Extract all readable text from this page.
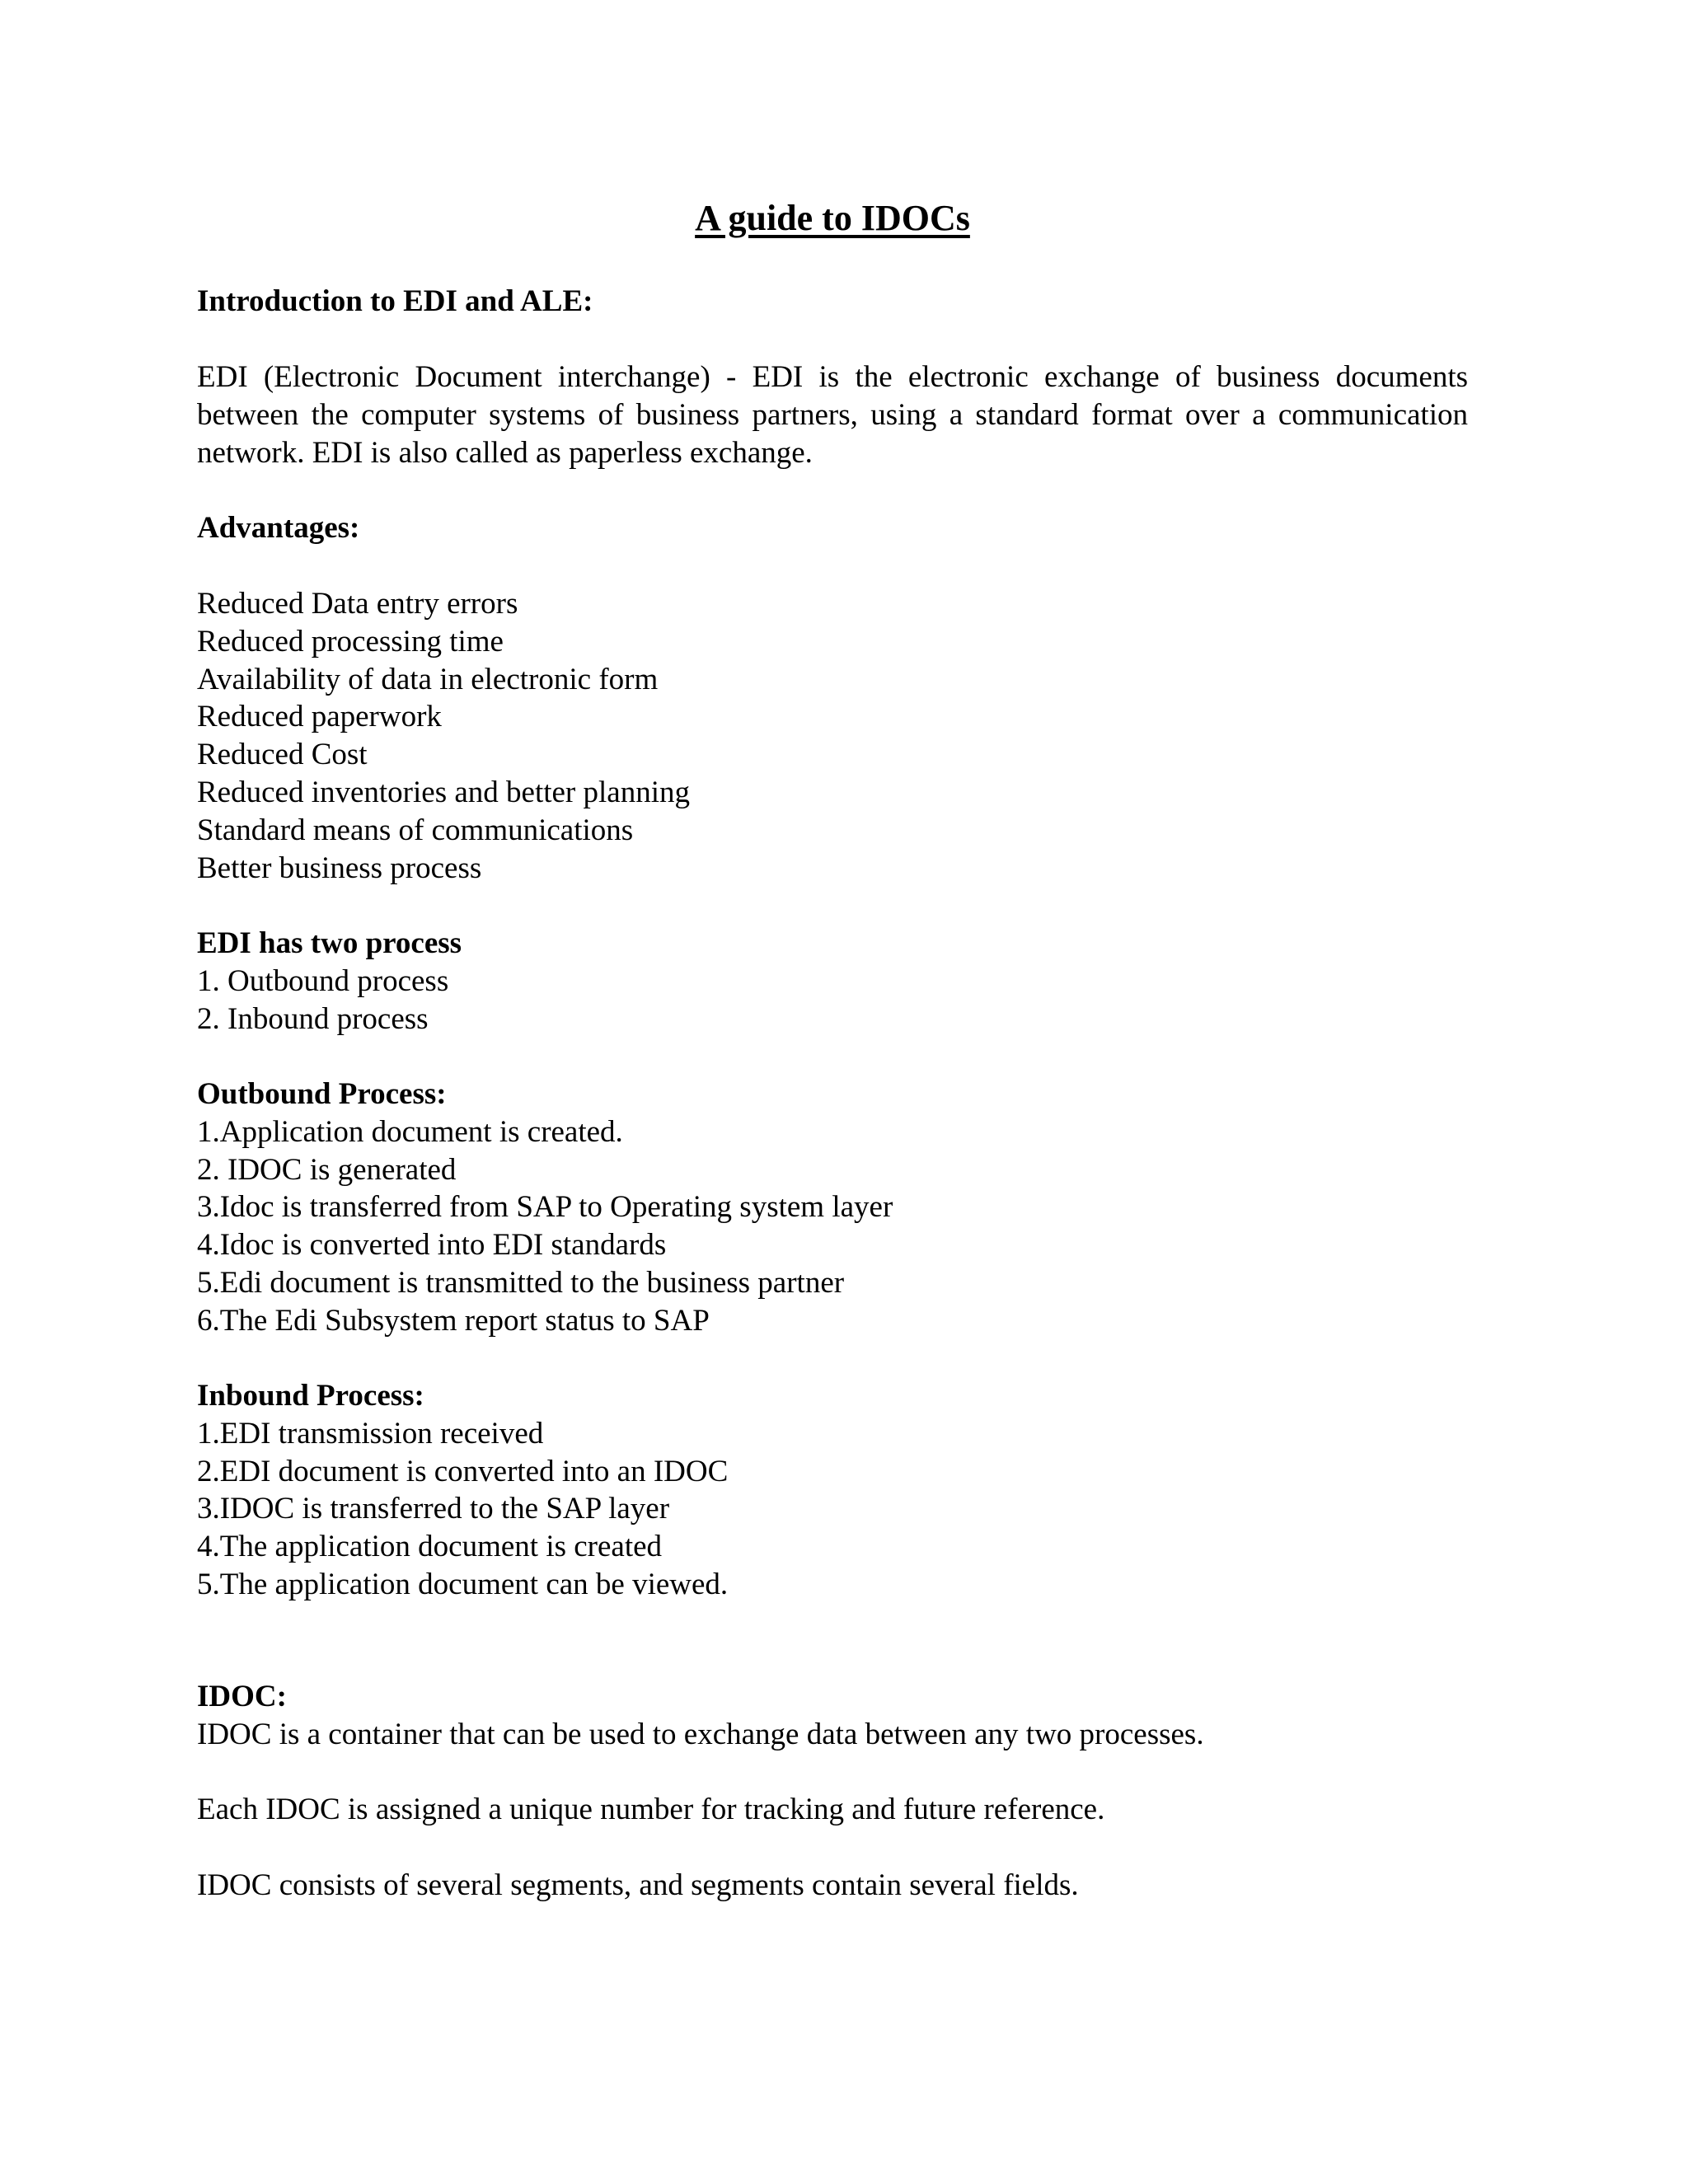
A guide to IDOCs

Introduction to EDI and ALE:

EDI (Electronic Document interchange) - EDI is the electronic exchange of business documents between the computer systems of business partners, using a standard format over a communication network. EDI is also called as paperless exchange.

Advantages:

Reduced Data entry errors

Reduced processing time

Availability of data in electronic form

Reduced paperwork

Reduced Cost

Reduced inventories and better planning

Standard means of communications

Better business process

EDI has two process

1. Outbound process

2. Inbound process

Outbound Process:

1.Application document is created.

2. IDOC is generated

3.Idoc is transferred from SAP to Operating system layer

4.Idoc is converted into EDI standards

5.Edi document is transmitted to the business partner

6.The Edi Subsystem report status to SAP

Inbound Process:

1.EDI transmission received

2.EDI document is converted into an IDOC

3.IDOC is transferred to the SAP layer

4.The application document is created

5.The application document can be viewed.

IDOC:

IDOC is a container that can be used to exchange data between any two processes.

Each IDOC is assigned a unique number for tracking and future reference.

IDOC consists of several segments, and segments contain several fields.
